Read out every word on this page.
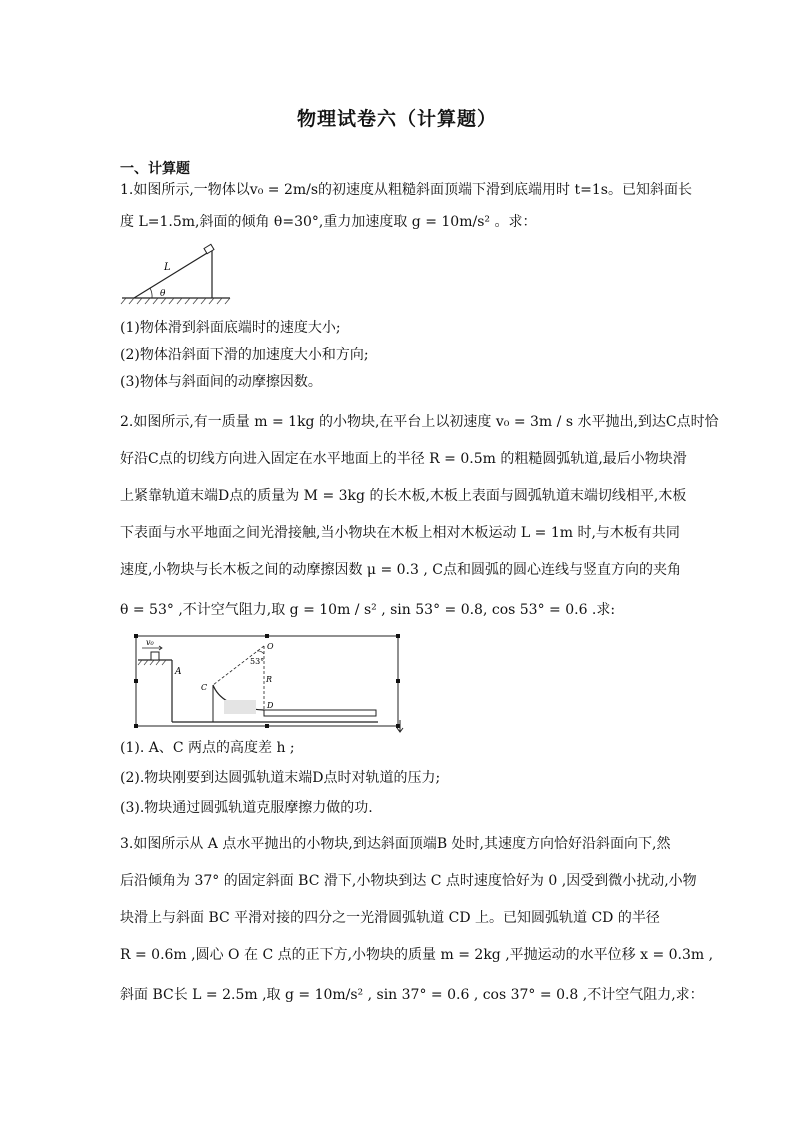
物理试卷六（计算题）
一、计算题
1.如图所示,一物体以v₀ = 2m/s的初速度从粗糙斜面顶端下滑到底端用时 t=1s。已知斜面长
度 L=1.5m,斜面的倾角 θ=30°,重力加速度取 g = 10m/s² 。求：
θ
L
(1)物体滑到斜面底端时的速度大小;
(2)物体沿斜面下滑的加速度大小和方向;
(3)物体与斜面间的动摩擦因数。
2.如图所示,有一质量 m = 1kg 的小物块,在平台上以初速度 v₀ = 3m / s 水平抛出,到达C点时恰
好沿C点的切线方向进入固定在水平地面上的半径 R = 0.5m 的粗糙圆弧轨道,最后小物块滑
上紧靠轨道末端D点的质量为 M = 3kg 的长木板,木板上表面与圆弧轨道末端切线相平,木板
下表面与水平地面之间光滑接触,当小物块在木板上相对木板运动 L = 1m 时,与木板有共同
速度,小物块与长木板之间的动摩擦因数 μ = 0.3 , C点和圆弧的圆心连线与竖直方向的夹角
θ = 53° ,不计空气阻力,取 g = 10m / s² , sin 53° = 0.8, cos 53° = 0.6 .求:
v₀
A
O
53°
R
C
D
(1). A、C 两点的高度差 h ;
(2).物块刚要到达圆弧轨道末端D点时对轨道的压力;
(3).物块通过圆弧轨道克服摩擦力做的功.
3.如图所示从 A 点水平抛出的小物块,到达斜面顶端B 处时,其速度方向恰好沿斜面向下,然
后沿倾角为 37° 的固定斜面 BC 滑下,小物块到达 C 点时速度恰好为 0 ,因受到微小扰动,小物
块滑上与斜面 BC 平滑对接的四分之一光滑圆弧轨道 CD 上。已知圆弧轨道 CD 的半径
R = 0.6m ,圆心 O 在 C 点的正下方,小物块的质量 m = 2kg ,平抛运动的水平位移 x = 0.3m ,
斜面 BC长 L = 2.5m ,取 g = 10m/s² , sin 37° = 0.6 , cos 37° = 0.8 ,不计空气阻力,求：
